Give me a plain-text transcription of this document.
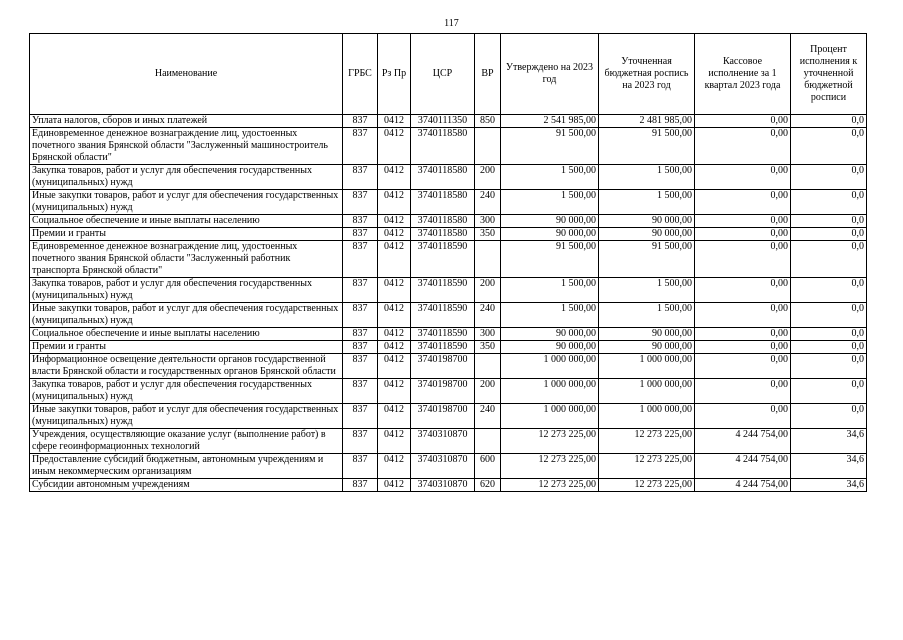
117
Наименование	ГРБС	Рз Пр	ЦСР	ВР	Утверждено на 2023 год	Уточненная бюджетная роспись на 2023 год	Кассовое исполнение за 1 квартал 2023 года	Процент исполнения к уточненной бюджетной росписи
Уплата налогов, сборов и иных платежей	837	0412	3740111350	850	2 541 985,00	2 481 985,00	0,00	0,0
Единовременное денежное вознаграждение лиц, удостоенных почетного звания Брянской области "Заслуженный машиностроитель Брянской области"	837	0412	3740118580		91 500,00	91 500,00	0,00	0,0
Закупка товаров, работ и услуг для обеспечения государственных (муниципальных) нужд	837	0412	3740118580	200	1 500,00	1 500,00	0,00	0,0
Иные закупки товаров, работ и услуг для обеспечения государственных (муниципальных) нужд	837	0412	3740118580	240	1 500,00	1 500,00	0,00	0,0
Социальное обеспечение и иные выплаты населению	837	0412	3740118580	300	90 000,00	90 000,00	0,00	0,0
Премии и гранты	837	0412	3740118580	350	90 000,00	90 000,00	0,00	0,0
Единовременное денежное вознаграждение лиц, удостоенных почетного звания Брянской области "Заслуженный работник транспорта Брянской области"	837	0412	3740118590		91 500,00	91 500,00	0,00	0,0
Закупка товаров, работ и услуг для обеспечения государственных (муниципальных) нужд	837	0412	3740118590	200	1 500,00	1 500,00	0,00	0,0
Иные закупки товаров, работ и услуг для обеспечения государственных (муниципальных) нужд	837	0412	3740118590	240	1 500,00	1 500,00	0,00	0,0
Социальное обеспечение и иные выплаты населению	837	0412	3740118590	300	90 000,00	90 000,00	0,00	0,0
Премии и гранты	837	0412	3740118590	350	90 000,00	90 000,00	0,00	0,0
Информационное освещение деятельности органов государственной власти Брянской области и государственных органов Брянской области	837	0412	3740198700		1 000 000,00	1 000 000,00	0,00	0,0
Закупка товаров, работ и услуг для обеспечения государственных (муниципальных) нужд	837	0412	3740198700	200	1 000 000,00	1 000 000,00	0,00	0,0
Иные закупки товаров, работ и услуг для обеспечения государственных (муниципальных) нужд	837	0412	3740198700	240	1 000 000,00	1 000 000,00	0,00	0,0
Учреждения, осуществляющие оказание услуг (выполнение работ) в сфере геоинформационных технологий	837	0412	3740310870		12 273 225,00	12 273 225,00	4 244 754,00	34,6
Предоставление субсидий бюджетным, автономным учреждениям и иным некоммерческим организациям	837	0412	3740310870	600	12 273 225,00	12 273 225,00	4 244 754,00	34,6
Субсидии автономным учреждениям	837	0412	3740310870	620	12 273 225,00	12 273 225,00	4 244 754,00	34,6
